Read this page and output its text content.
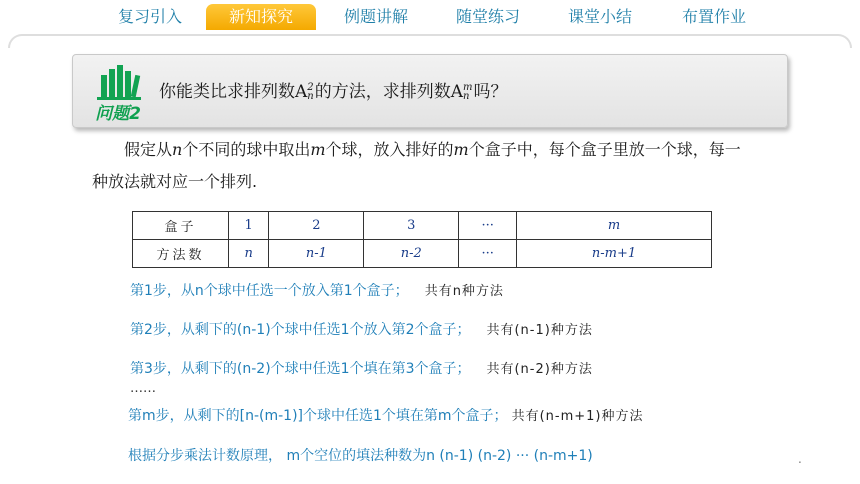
复习引入	新知探究	例题讲解	随堂练习	课堂小结	布置作业
问题2
你能类比求排列数A 2
n 的方法，求排列数A m
n 吗？
假定从n个不同的球中取出m个球，放入排好的m个盒子中，每个盒子里放一个球，每一种放法就对应一个排列.
盒子	1	2	3	···	m
方法数	n	n-1	n-2	···	n-m+1
第1步，从n个球中任选一个放入第1个盒子； 共有n种方法
第2步，从剩下的(n-1)个球中任选1个放入第2个盒子； 共有(n-1)种方法
第3步，从剩下的(n-2)个球中任选1个填在第3个盒子； 共有(n-2)种方法
……
第m步，从剩下的[n-(m-1)]个球中任选1个填在第m个盒子； 共有(n-m+1)种方法
根据分步乘法计数原理， m个空位的填法种数为n (n-1) (n-2) ··· (n-m+1)	.
